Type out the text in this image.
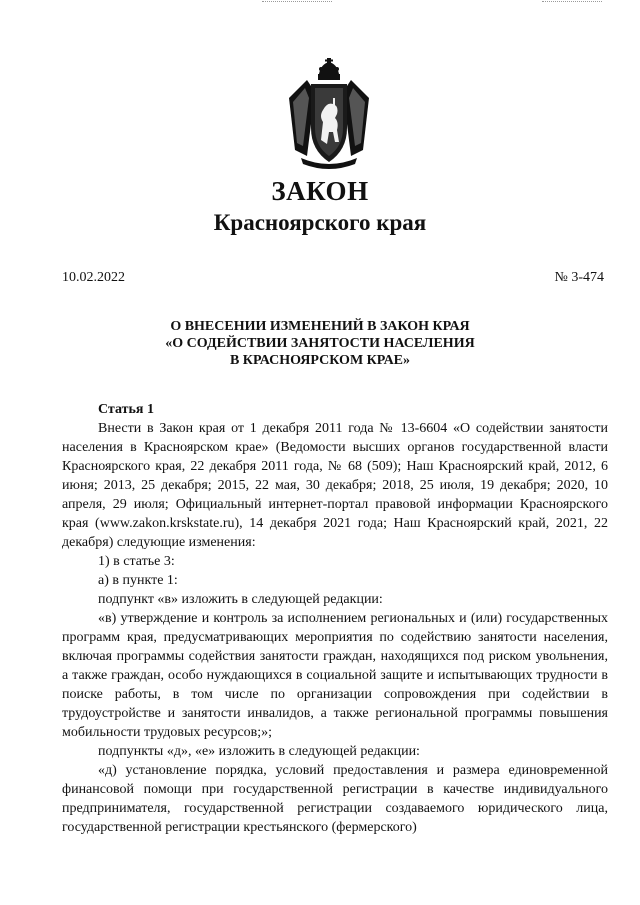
ЗАКОН
Красноярского края
10.02.2022	№ 3-474
О ВНЕСЕНИИ ИЗМЕНЕНИЙ В ЗАКОН КРАЯ
«О СОДЕЙСТВИИ ЗАНЯТОСТИ НАСЕЛЕНИЯ
В КРАСНОЯРСКОМ КРАЕ»

Статья 1

Внести в Закон края от 1 декабря 2011 года № 13-6604 «О содействии занятости населения в Красноярском крае» (Ведомости высших органов государственной власти Красноярского края, 22 декабря 2011 года, № 68 (509); Наш Красноярский край, 2012, 6 июня; 2013, 25 декабря; 2015, 22 мая, 30 декабря; 2018, 25 июля, 19 декабря; 2020, 10 апреля, 29 июля; Официальный интернет-портал правовой информации Красноярского края (www.zakon.krskstate.ru), 14 декабря 2021 года; Наш Красноярский край, 2021, 22 декабря) следующие изменения:

1) в статье 3:

а) в пункте 1:

подпункт «в» изложить в следующей редакции:

«в) утверждение и контроль за исполнением региональных и (или) государственных программ края, предусматривающих мероприятия по содействию занятости населения, включая программы содействия занятости граждан, находящихся под риском увольнения, а также граждан, особо нуждающихся в социальной защите и испытывающих трудности в поиске работы, в том числе по организации сопровождения при содействии в трудоустройстве и занятости инвалидов, а также региональной программы повышения мобильности трудовых ресурсов;»;

подпункты «д», «е» изложить в следующей редакции:

«д) установление порядка, условий предоставления и размера единовременной финансовой помощи при государственной регистрации в качестве индивидуального предпринимателя, государственной регистрации создаваемого юридического лица, государственной регистрации крестьянского (фермерского)
